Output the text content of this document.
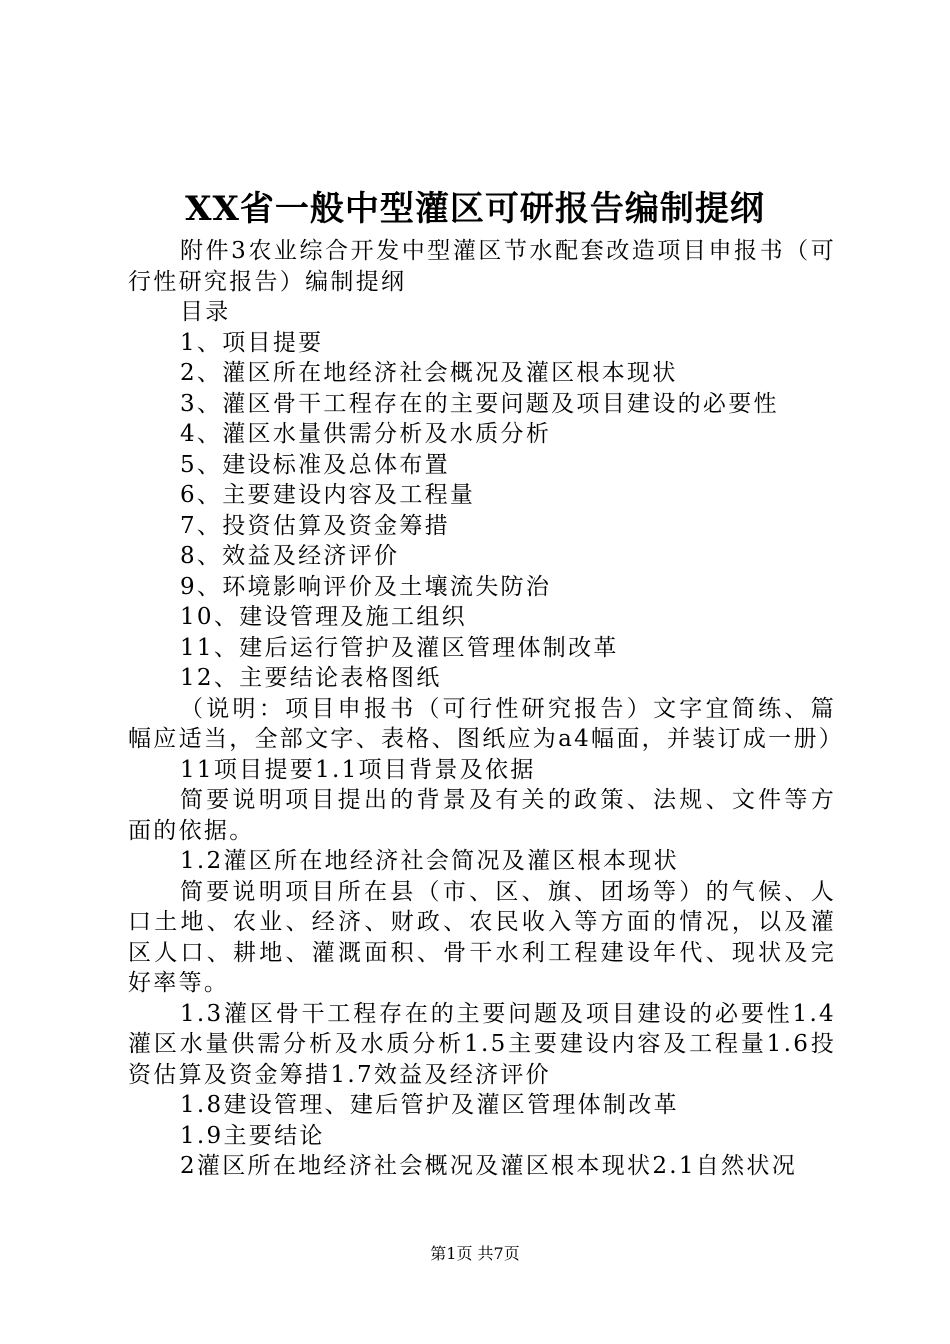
XX省一般中型灌区可研报告编制提纲

附件3农业综合开发中型灌区节水配套改造项目申报书（可行性研究报告）编制提纲

目录

1、项目提要

2、灌区所在地经济社会概况及灌区根本现状

3、灌区骨干工程存在的主要问题及项目建设的必要性

4、灌区水量供需分析及水质分析

5、建设标准及总体布置

6、主要建设内容及工程量

7、投资估算及资金筹措

8、效益及经济评价

9、环境影响评价及土壤流失防治

10、建设管理及施工组织

11、建后运行管护及灌区管理体制改革

12、主要结论表格图纸

（说明：项目申报书（可行性研究报告）文字宜简练、篇幅应适当，全部文字、表格、图纸应为a4幅面，并装订成一册）

11项目提要1.1项目背景及依据

简要说明项目提出的背景及有关的政策、法规、文件等方面的依据。

1.2灌区所在地经济社会简况及灌区根本现状

简要说明项目所在县（市、区、旗、团场等）的气候、人口土地、农业、经济、财政、农民收入等方面的情况，以及灌区人口、耕地、灌溉面积、骨干水利工程建设年代、现状及完好率等。

1.3灌区骨干工程存在的主要问题及项目建设的必要性1.4灌区水量供需分析及水质分析1.5主要建设内容及工程量1.6投资估算及资金筹措1.7效益及经济评价

1.8建设管理、建后管护及灌区管理体制改革

1.9主要结论

2灌区所在地经济社会概况及灌区根本现状2.1自然状况

第1页 共7页
